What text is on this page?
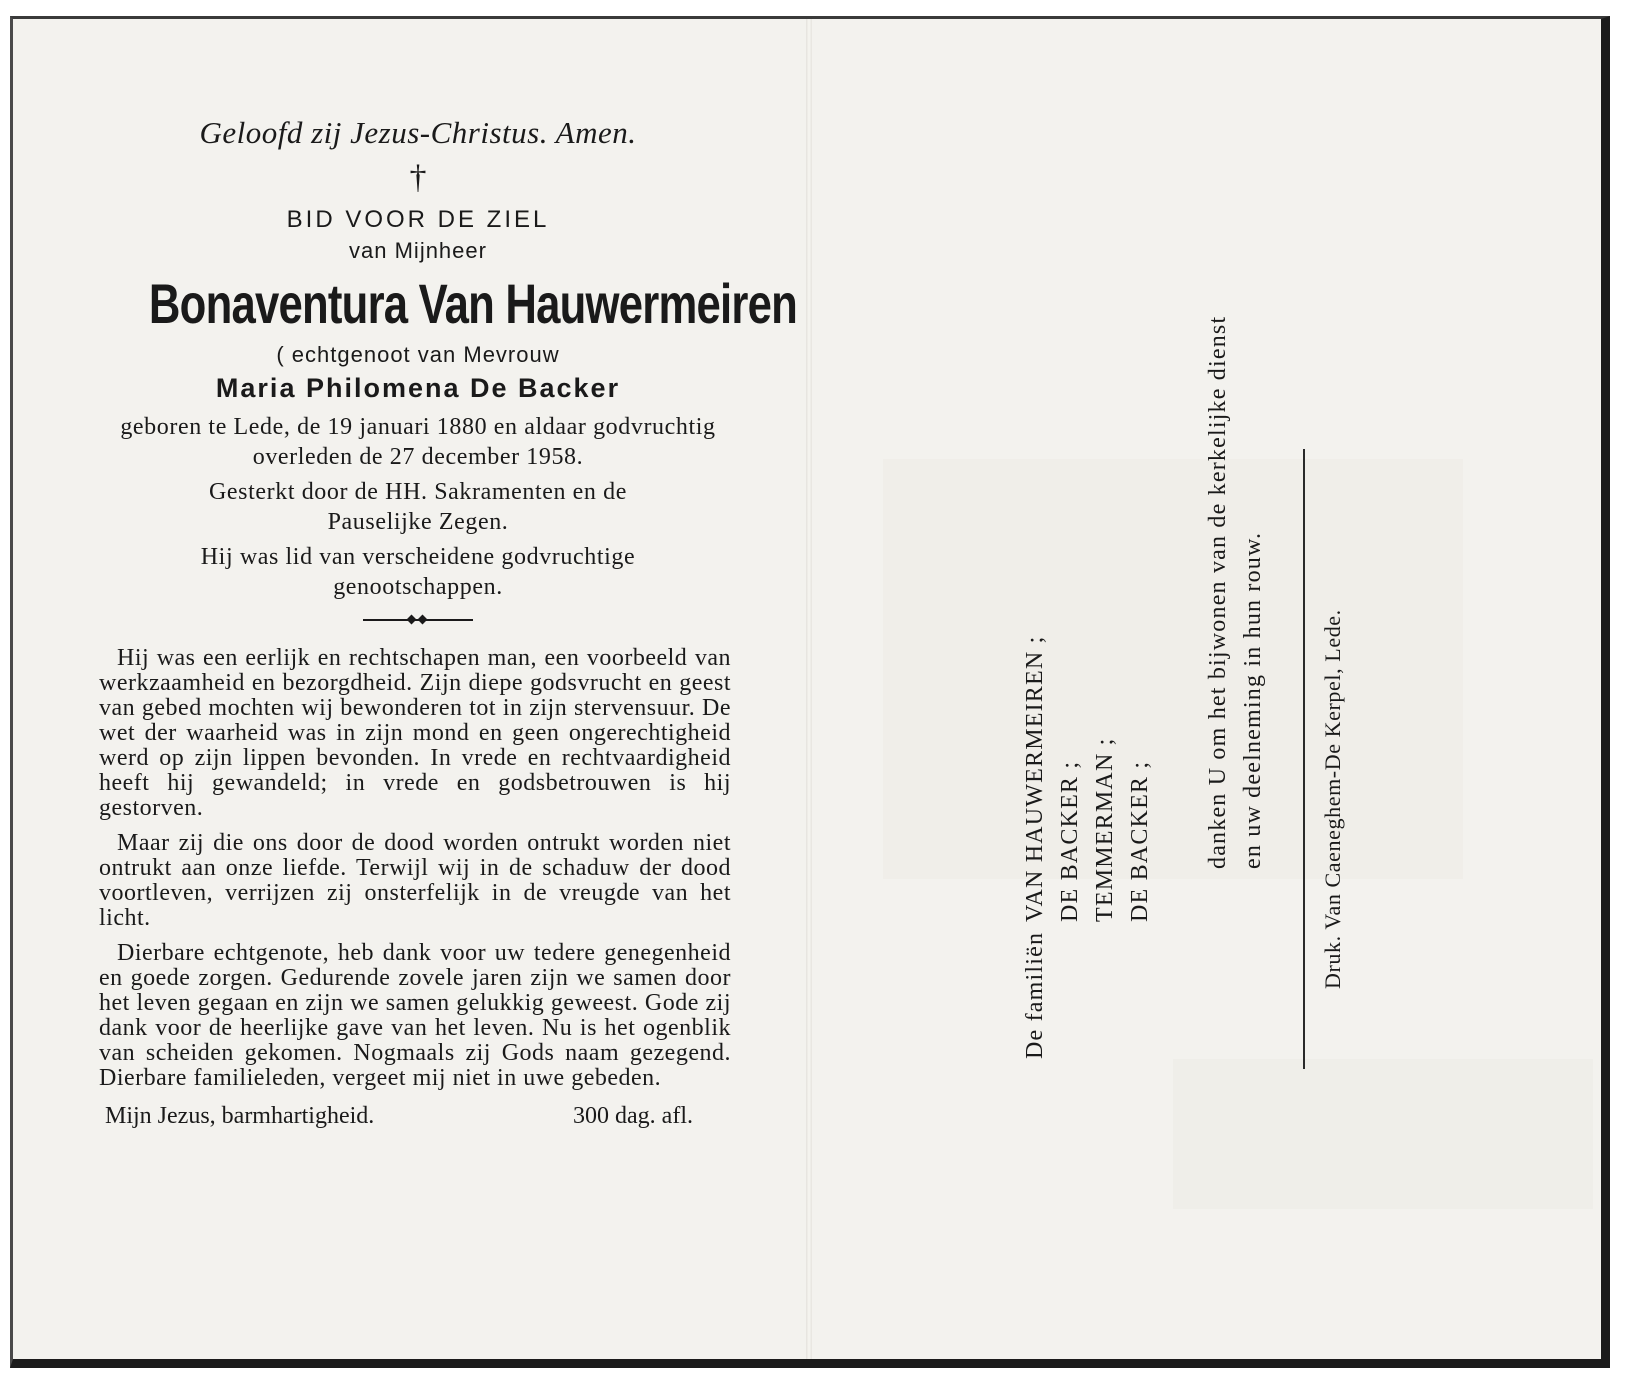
Geloofd zij Jezus-Christus. Amen.
†
BID VOOR DE ZIEL
van Mijnheer
Bonaventura Van Hauwermeiren
( echtgenoot van Mevrouw
Maria Philomena De Backer

geboren te Lede, de 19 januari 1880 en aldaar godvruchtig overleden de 27 december 1958.

Gesterkt door de HH. Sakramenten en de Pauselijke Zegen.

Hij was lid van verscheidene godvruchtige genootschappen.

Hij was een eerlijk en rechtschapen man, een voorbeeld van werkzaamheid en bezorgdheid. Zijn diepe godsvrucht en geest van gebed mochten wij bewonderen tot in zijn stervensuur. De wet der waarheid was in zijn mond en geen ongerechtigheid werd op zijn lippen bevonden. In vrede en rechtvaardigheid heeft hij gewandeld; in vrede en godsbetrouwen is hij gestorven.

Maar zij die ons door de dood worden ontrukt worden niet ontrukt aan onze liefde. Terwijl wij in de schaduw der dood voortleven, verrijzen zij onsterfelijk in de vreugde van het licht.

Dierbare echtgenote, heb dank voor uw tedere genegenheid en goede zorgen. Gedurende zovele jaren zijn we samen door het leven gegaan en zijn we samen gelukkig geweest. Gode zij dank voor de heerlijke gave van het leven. Nu is het ogenblik van scheiden gekomen. Nogmaals zij Gods naam gezegend. Dierbare familieleden, vergeet mij niet in uwe gebeden.

Mijn Jezus, barmhartigheid.	300 dag. afl.
De familiën
VAN HAUWERMEIREN ; DE BACKER ; TEMMERMAN ; DE BACKER ; danken U om het bijwonen van de kerkelijke dienst en uw deelneming in hun rouw. Druk. Van Caeneghem-De Kerpel, Lede.
